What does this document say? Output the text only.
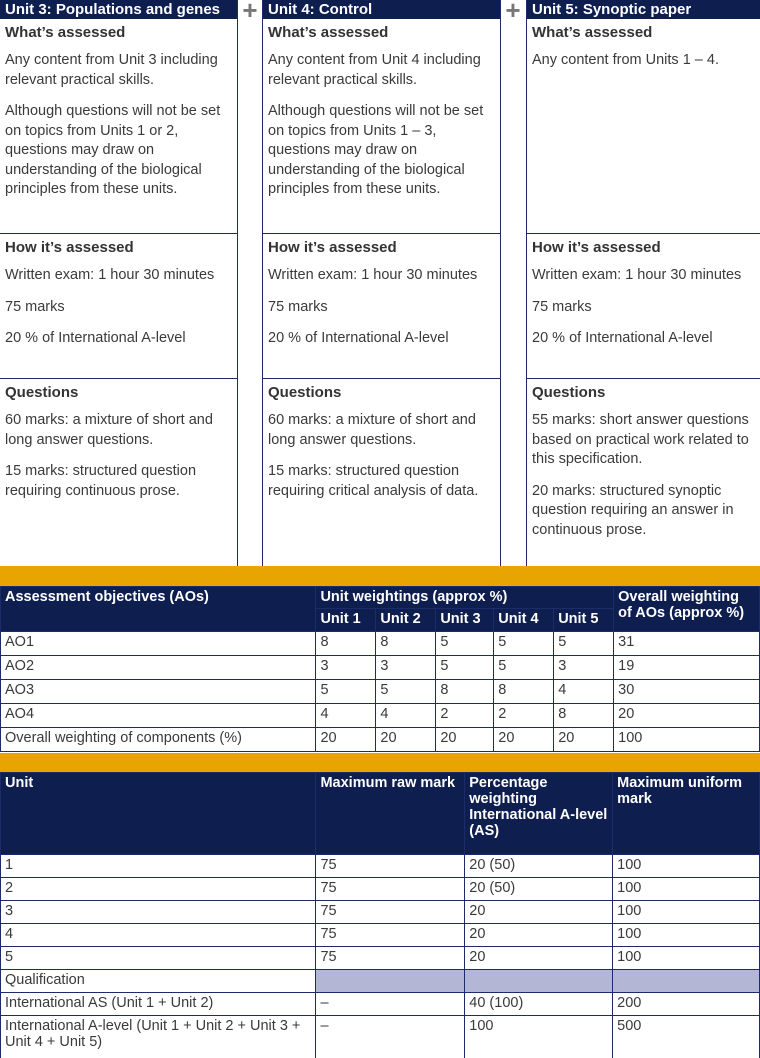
Unit 3: Populations and genes
What’s assessed

Any content from Unit 3 including relevant practical skills.

Although questions will not be set on topics from Units 1 or 2, questions may draw on understanding of the biological principles from these units.

How it’s assessed

Written exam: 1 hour 30 minutes

75 marks

20 % of International A-level

Questions

60 marks: a mixture of short and long answer questions.

15 marks: structured question requiring continuous prose.

+ Unit 4: Control
What’s assessed

Any content from Unit 4 including relevant practical skills.

Although questions will not be set on topics from Units 1 – 3, questions may draw on understanding of the biological principles from these units.

How it’s assessed

Written exam: 1 hour 30 minutes

75 marks

20 % of International A-level

Questions

60 marks: a mixture of short and long answer questions.

15 marks: structured question requiring critical analysis of data.

+ Unit 5: Synoptic paper
What’s assessed

Any content from Units 1 – 4.

How it’s assessed

Written exam: 1 hour 30 minutes

75 marks

20 % of International A-level

Questions

55 marks: short answer questions based on practical work related to this specification.

20 marks: structured synoptic question requiring an answer in continuous prose.

Assessment objectives (AOs)	Unit weightings (approx %)					Overall weighting of AOs (approx %)
	Unit 1	Unit 2	Unit 3	Unit 4	Unit 5	
AO1	8	8	5	5	5	31
AO2	3	3	5	5	3	19
AO3	5	5	8	8	4	30
AO4	4	4	2	2	8	20
Overall weighting of components (%)	20	20	20	20	20	100
Unit	Maximum raw mark	Percentage weighting International A-level (AS)	Maximum uniform mark
1	75	20 (50)	100
2	75	20 (50)	100
3	75	20	100
4	75	20	100
5	75	20	100
Qualification			
International AS (Unit 1 + Unit 2)	–	40 (100)	200
International A-level (Unit 1 + Unit 2 + Unit 3 + Unit 4 + Unit 5)	–	100	500
